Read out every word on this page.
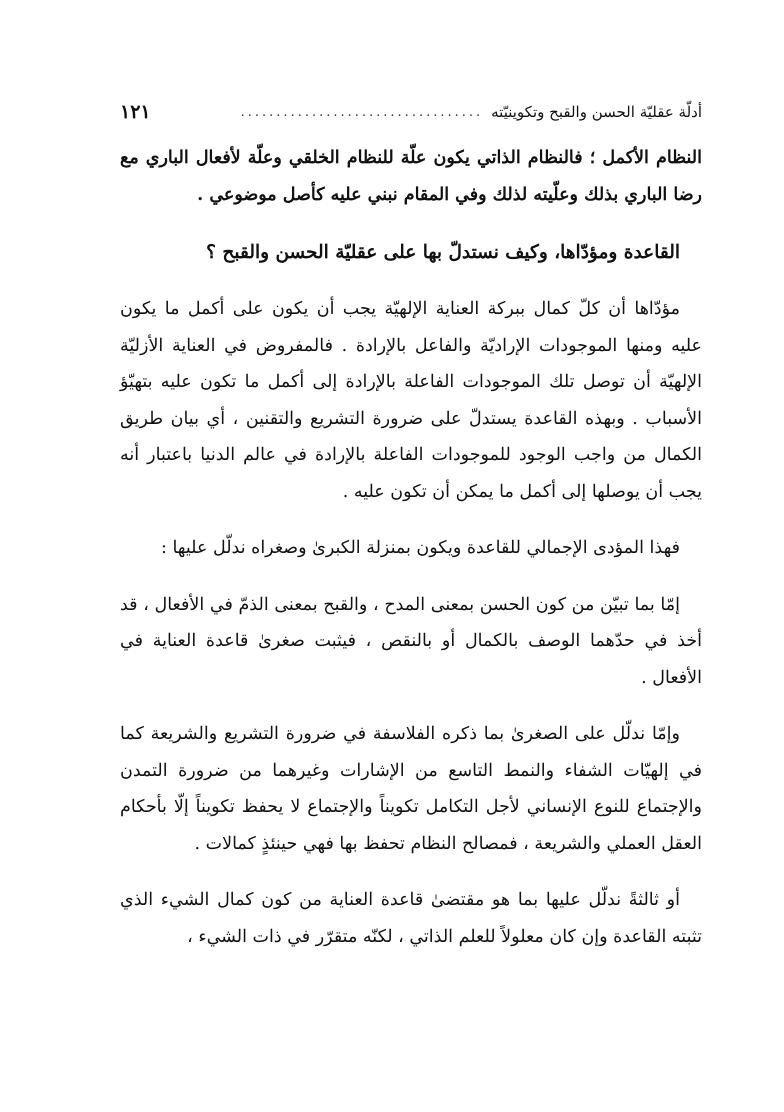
أدلّة عقليّة الحسن والقبح وتكوينيّته
..................................
١٢١

النظام الأكمل ؛ فالنظام الذاتي يكون علّة للنظام الخلقي وعلّة لأفعال الباري مع رضا الباري بذلك وعلّيته لذلك وفي المقام نبني عليه كأصل موضوعي .

القاعدة ومؤدّاها، وكيف نستدلّ بها على عقليّة الحسن والقبح ؟

مؤدّاها أن كلّ كمال ببركة العناية الإلهيّة يجب أن يكون على أكمل ما يكون عليه ومنها الموجودات الإراديّة والفاعل بالإرادة . فالمفروض في العناية الأزليّة الإلهيّة أن توصل تلك الموجودات الفاعلة بالإرادة إلى أكمل ما تكون عليه بتهيّؤ الأسباب . وبهذه القاعدة يستدلّ على ضرورة التشريع والتقنين ، أي بيان طريق الكمال من واجب الوجود للموجودات الفاعلة بالإرادة في عالم الدنيا باعتبار أنه يجب أن يوصلها إلى أكمل ما يمكن أن تكون عليه .

فهذا المؤدى الإجمالي للقاعدة ويكون بمنزلة الكبرىٰ وصغراه ندلّل عليها :

إمّا بما تبيّن من كون الحسن بمعنى المدح ، والقبح بمعنى الذمّ في الأفعال ، قد أخذ في حدّهما الوصف بالكمال أو بالنقص ، فيثبت صغرىٰ قاعدة العناية في الأفعال .

وإمّا ندلّل على الصغرىٰ بما ذكره الفلاسفة في ضرورة التشريع والشريعة كما في إلهيّات الشفاء والنمط التاسع من الإشارات وغيرهما من ضرورة التمدن والإجتماع للنوع الإنساني لأجل التكامل تكويناً والإجتماع لا يحفظ تكويناً إلّا بأحكام العقل العملي والشريعة ، فمصالح النظام تحفظ بها فهي حينئذٍ كمالات .

أو ثالثةً ندلّل عليها بما هو مقتضىٰ قاعدة العناية من كون كمال الشيء الذي تثبته القاعدة وإن كان معلولاً للعلم الذاتي ، لكنّه متقرّر في ذات الشيء ،
